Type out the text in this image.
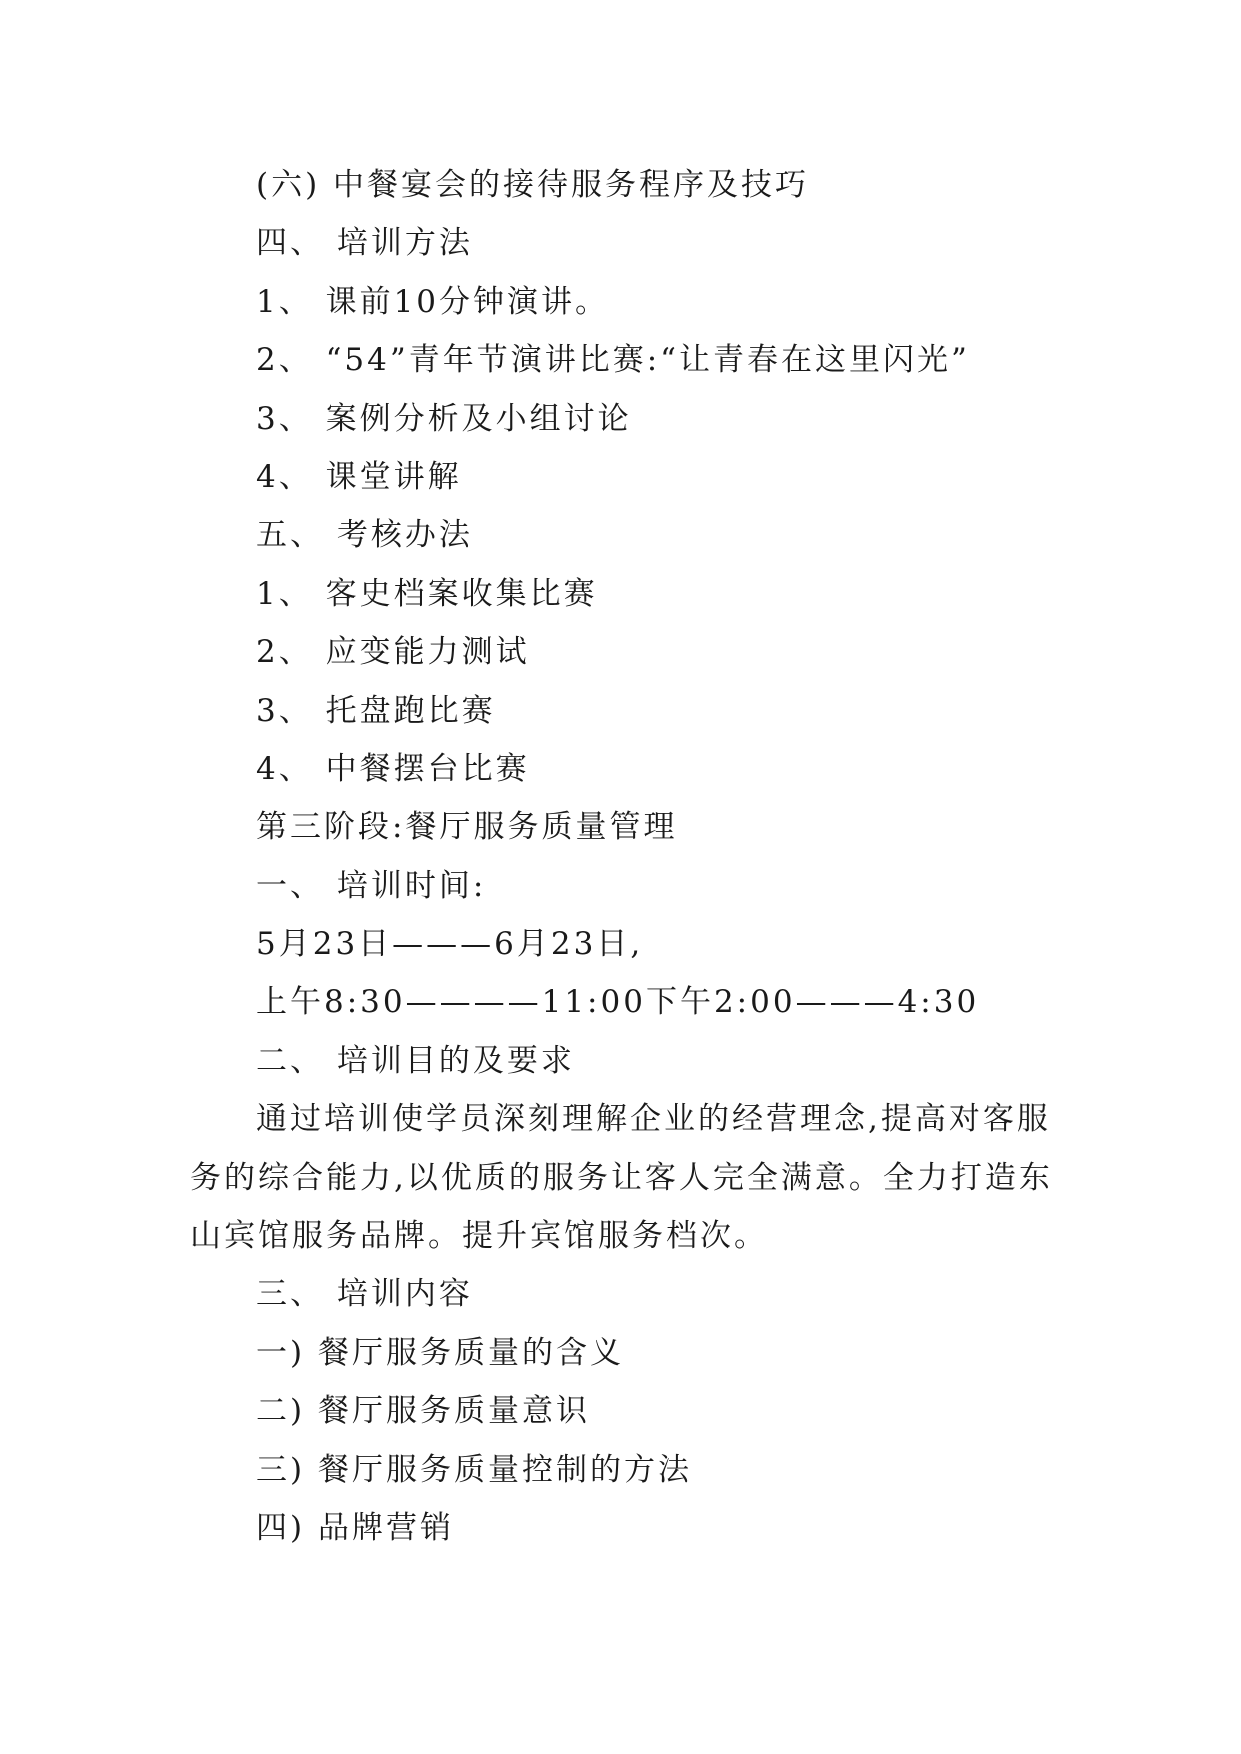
(六) 中餐宴会的接待服务程序及技巧
四、 培训方法
1、 课前10分钟演讲。
2、 “54”青年节演讲比赛:“让青春在这里闪光”
3、 案例分析及小组讨论
4、 课堂讲解
五、 考核办法
1、 客史档案收集比赛
2、 应变能力测试
3、 托盘跑比赛
4、 中餐摆台比赛
第三阶段:餐厅服务质量管理
一、 培训时间:
5月23日———6月23日,
上午8:30————11:00下午2:00———4:30
二、 培训目的及要求

通过培训使学员深刻理解企业的经营理念,提高对客服务的综合能力,以优质的服务让客人完全满意。全力打造东山宾馆服务品牌。提升宾馆服务档次。

三、 培训内容
一) 餐厅服务质量的含义
二) 餐厅服务质量意识
三) 餐厅服务质量控制的方法
四) 品牌营销
